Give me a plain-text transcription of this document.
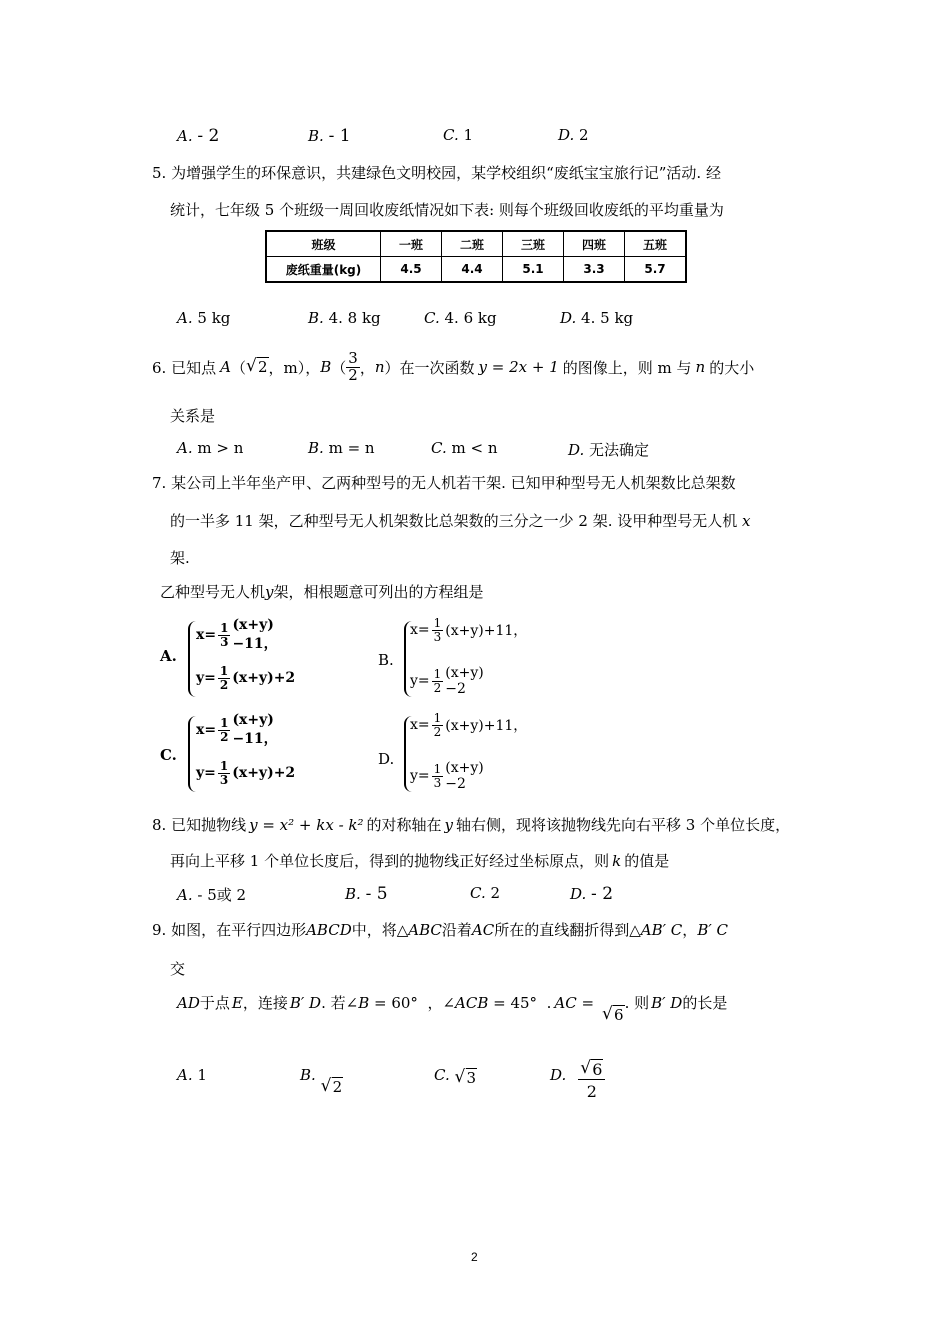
A. - 2	B. - 1	C. 1	D. 2
5. 为增强学生的环保意识，共建绿色文明校园，某学校组织“废纸宝宝旅行记”活动. 经
统计，七年级 5 个班级一周回收废纸情况如下表: 则每个班级回收废纸的平均重量为
班级	一班	二班	三班	四班	五班
废纸重量(kg)	4.5	4.4	5.1	3.3	5.7
A. 5 kg	B. 4. 8 kg	C. 4. 6 kg	D. 4. 5 kg
6. 已知点 A （ √ 2 ，m）， B （ $\frac{3}{2}$ ， n ）在一次函数 y = 2x + 1 的图像上，则 m 与 n 的大小
关系是
A. m > n	B. m = n	C. m < n	D. 无法确定
7. 某公司上半年坐产甲、乙两种型号的无人机若干架. 已知甲种型号无人机架数比总架数
的一半多 11 架，乙种型号无人机架数比总架数的三分之一少 2 架. 设甲种型号无人机 x
架.
乙种型号无人机y架，相根题意可列出的方程组是
A.
$x= \frac{1}{3} (x+y)-11$，
$y= \frac{1}{2} (x+y)+2$
B.
$x= \frac{1}{3} (x+y)+11$，
$y= \frac{1}{2} (x+y)-2$
C.
$x= \frac{1}{2} (x+y)-11$，
$y= \frac{1}{3} (x+y)+2$
D.
$x= \frac{1}{2} (x+y)+11$，
$y= \frac{1}{3} (x+y)-2$
8. 已知抛物线 y = x² + kx - k² 的对称轴在 y 轴右侧，现将该抛物线先向右平移 3 个单位长度，
再向上平移 1 个单位长度后，得到的抛物线正好经过坐标原点，则 k 的值是
A. - 5或 2	B. - 5	C. 2	D. - 2
9. 如图，在平行四边形ABCD中，将△ABC沿着AC所在的直线翻折得到△AB′ C，B′ C
交
AD 于点 E ，连接 B′ D . 若∠ B = 60°  ，∠ ACB = 45°  . AC =
√ 6
. 则 B′ D 的长是
A. 1	B. √ 2
C. √ 3	D. √ $\frac{6}{2}$
2
